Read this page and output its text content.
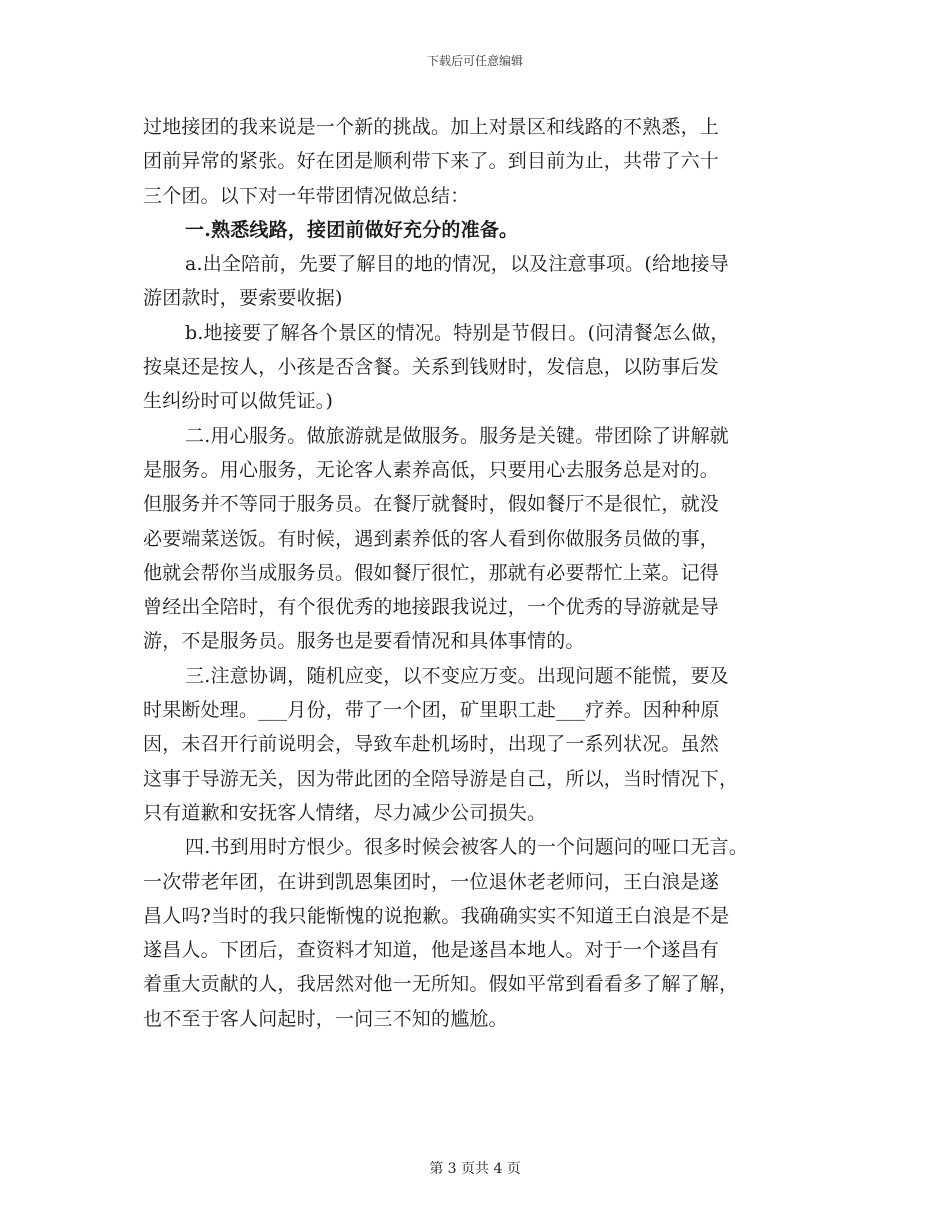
下载后可任意编辑
过地接团的我来说是一个新的挑战。加上对景区和线路的不熟悉，上
团前异常的紧张。好在团是顺利带下来了。到目前为止，共带了六十
三个团。以下对一年带团情况做总结：
一.熟悉线路，接团前做好充分的准备。
a.出全陪前，先要了解目的地的情况，以及注意事项。(给地接导
游团款时，要索要收据)
b.地接要了解各个景区的情况。特别是节假日。(问清餐怎么做，
按桌还是按人，小孩是否含餐。关系到钱财时，发信息，以防事后发
生纠纷时可以做凭证。)
二.用心服务。做旅游就是做服务。服务是关键。带团除了讲解就
是服务。用心服务，无论客人素养高低，只要用心去服务总是对的。
但服务并不等同于服务员。在餐厅就餐时，假如餐厅不是很忙，就没
必要端菜送饭。有时候，遇到素养低的客人看到你做服务员做的事，
他就会帮你当成服务员。假如餐厅很忙，那就有必要帮忙上菜。记得
曾经出全陪时，有个很优秀的地接跟我说过，一个优秀的导游就是导
游，不是服务员。服务也是要看情况和具体事情的。
三.注意协调，随机应变，以不变应万变。出现问题不能慌，要及
时果断处理。___月份，带了一个团，矿里职工赴___疗养。因种种原
因，未召开行前说明会，导致车赴机场时，出现了一系列状况。虽然
这事于导游无关，因为带此团的全陪导游是自己，所以，当时情况下，
只有道歉和安抚客人情绪，尽力减少公司损失。
四.书到用时方恨少。很多时候会被客人的一个问题问的哑口无言。
一次带老年团，在讲到凯恩集团时，一位退休老老师问，王白浪是遂
昌人吗?当时的我只能惭愧的说抱歉。我确确实实不知道王白浪是不是
遂昌人。下团后，查资料才知道，他是遂昌本地人。对于一个遂昌有
着重大贡献的人，我居然对他一无所知。假如平常到看看多了解了解，
也不至于客人问起时，一问三不知的尴尬。
第 3 页共 4 页
